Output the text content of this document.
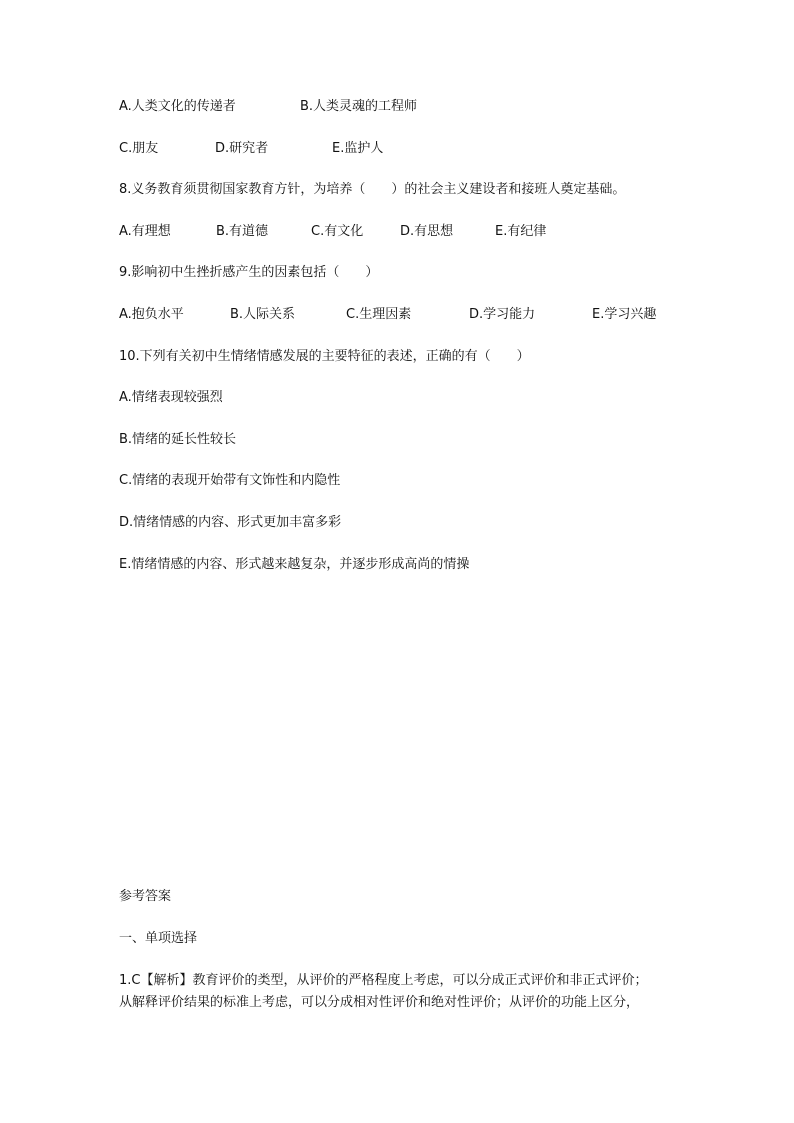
A.人类文化的传递者	B.人类灵魂的工程师
C.朋友	D.研究者	E.监护人
8.义务教育须贯彻国家教育方针，为培养（　　）的社会主义建设者和接班人奠定基础。
A.有理想	B.有道德	C.有文化	D.有思想	E.有纪律
9.影响初中生挫折感产生的因素包括（　　）
A.抱负水平	B.人际关系	C.生理因素	D.学习能力	E.学习兴趣
10.下列有关初中生情绪情感发展的主要特征的表述，正确的有（　　）
A.情绪表现较强烈
B.情绪的延长性较长
C.情绪的表现开始带有文饰性和内隐性
D.情绪情感的内容、形式更加丰富多彩
E.情绪情感的内容、形式越来越复杂，并逐步形成高尚的情操
参考答案
一、单项选择
1.C【解析】教育评价的类型，从评价的严格程度上考虑，可以分成正式评价和非正式评价；
从解释评价结果的标准上考虑，可以分成相对性评价和绝对性评价；从评价的功能上区分，
